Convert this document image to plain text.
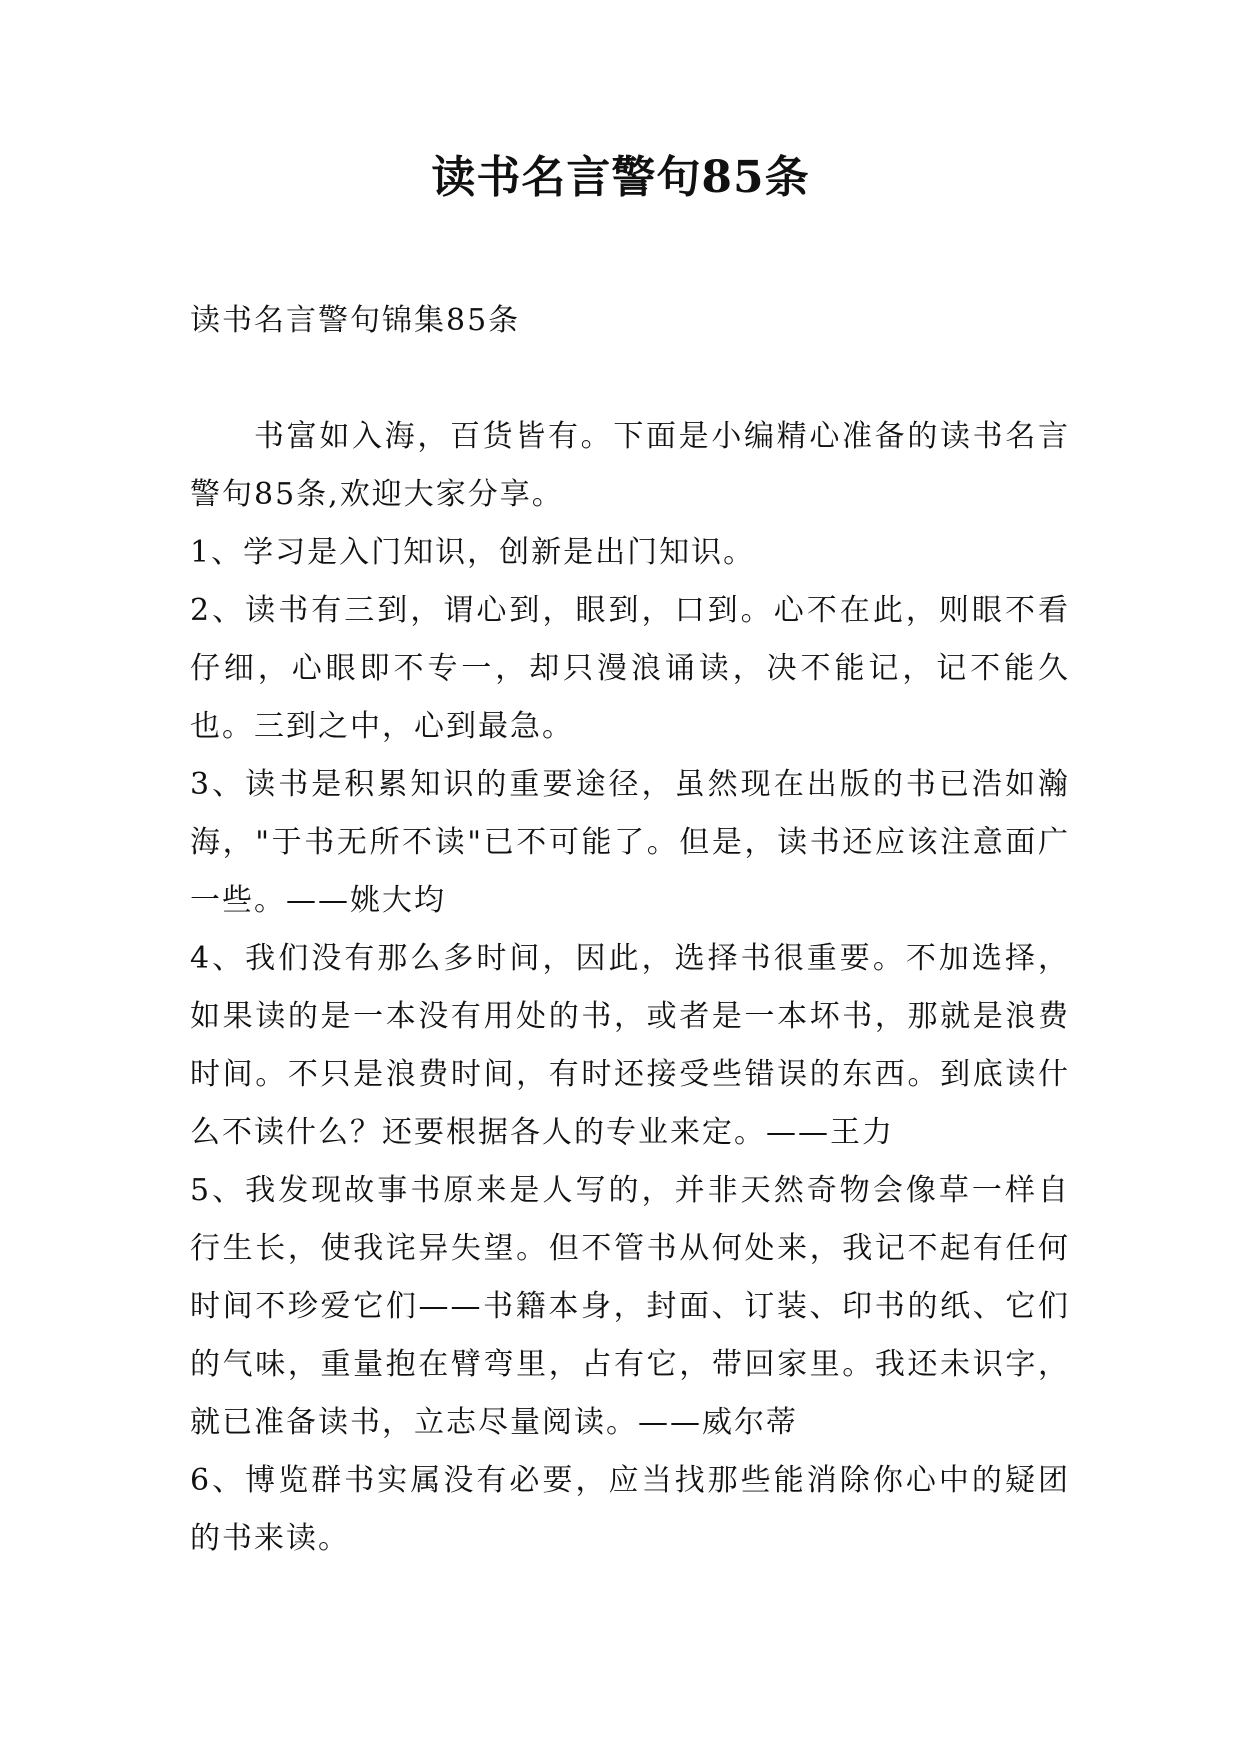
读书名言警句85条

读书名言警句锦集85条

书富如入海，百货皆有。下面是小编精心准备的读书名言警句85条,欢迎大家分享。

1、学习是入门知识，创新是出门知识。

2、读书有三到，谓心到，眼到，口到。心不在此，则眼不看仔细，心眼即不专一，却只漫浪诵读，决不能记，记不能久也。三到之中，心到最急。

3、读书是积累知识的重要途径，虽然现在出版的书已浩如瀚海，"于书无所不读"已不可能了。但是，读书还应该注意面广一些。——姚大均

4、我们没有那么多时间，因此，选择书很重要。不加选择，如果读的是一本没有用处的书，或者是一本坏书，那就是浪费时间。不只是浪费时间，有时还接受些错误的东西。到底读什么不读什么？还要根据各人的专业来定。——王力

5、我发现故事书原来是人写的，并非天然奇物会像草一样自行生长，使我诧异失望。但不管书从何处来，我记不起有任何时间不珍爱它们——书籍本身，封面、订装、印书的纸、它们的气味，重量抱在臂弯里，占有它，带回家里。我还未识字，就已准备读书，立志尽量阅读。——威尔蒂

6、博览群书实属没有必要，应当找那些能消除你心中的疑团的书来读。
